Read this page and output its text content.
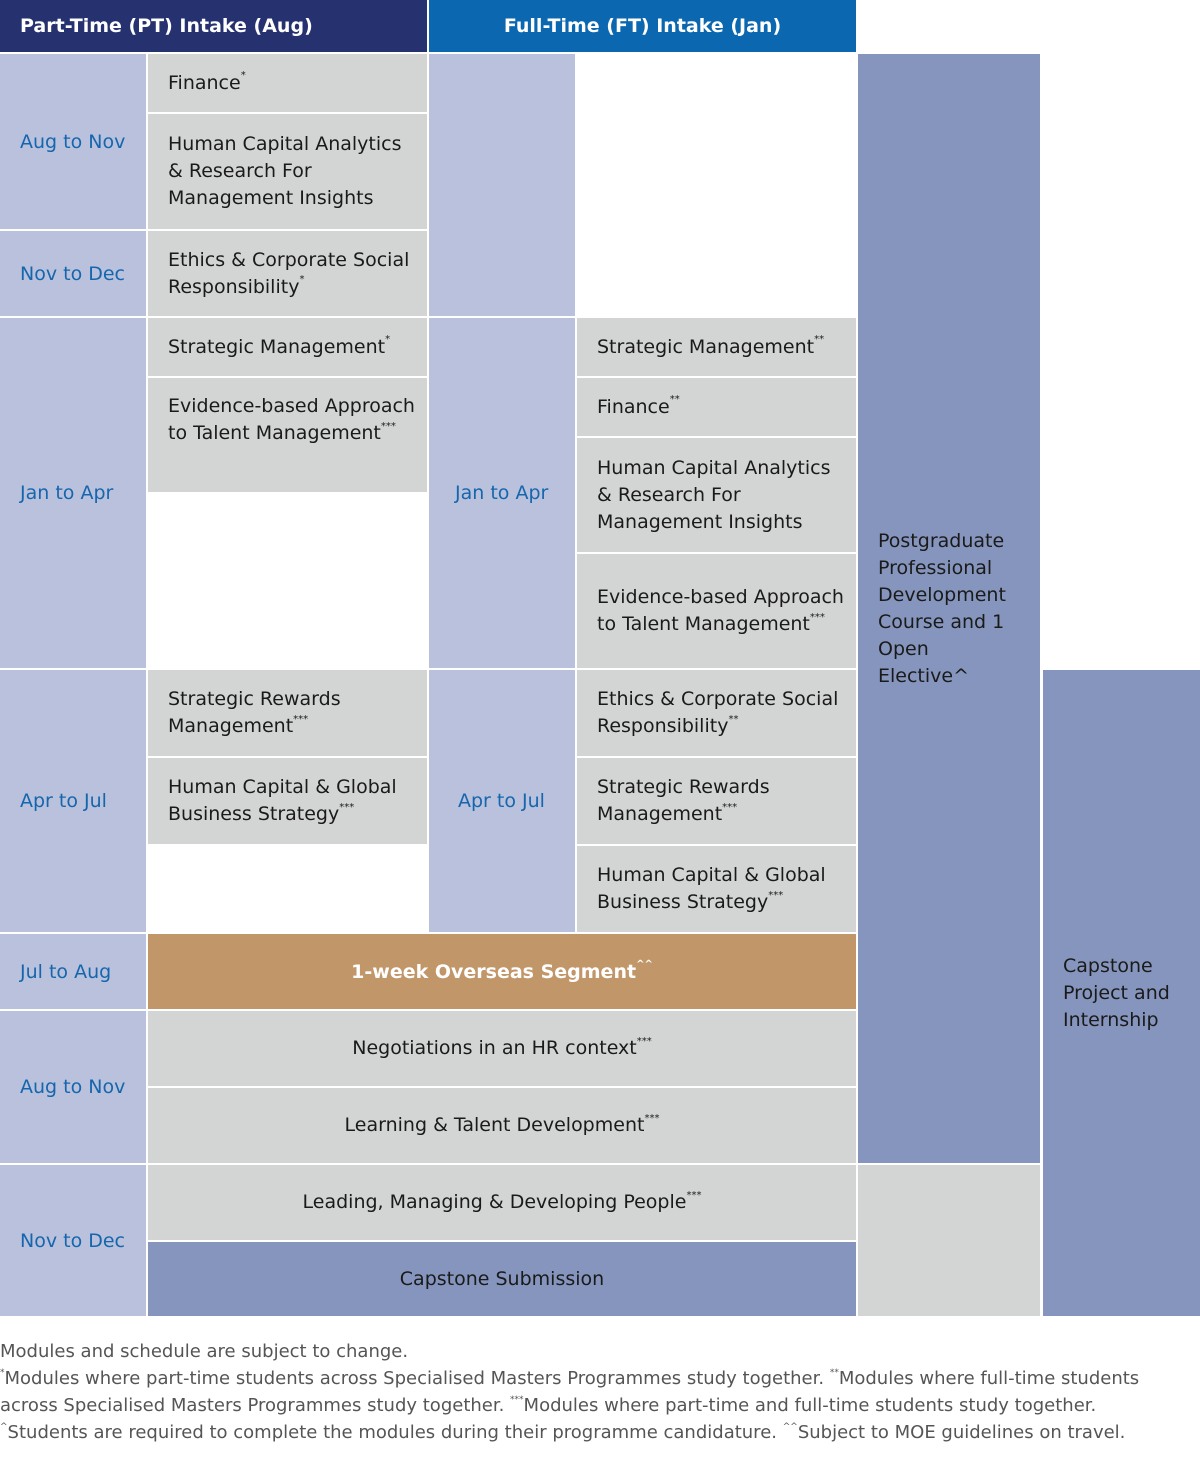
Part-Time (PT) Intake (Aug)	Full-Time (FT) Intake (Jan)
Aug to Nov
Nov to Dec
Jan to Apr
Apr to Jul
Jul to Aug
Aug to Nov
Nov to Dec
Finance*
Human Capital Analytics & Research For Management Insights
Ethics & Corporate Social Responsibility*
Strategic Management*
Evidence-based Approach to Talent Management***
Strategic Rewards Management***
Human Capital & Global Business Strategy***
Jan to Apr
Apr to Jul
Strategic Management**
Finance**
Human Capital Analytics & Research For Management Insights
Evidence-based Approach to Talent Management***
Ethics & Corporate Social Responsibility**
Strategic Rewards Management***
Human Capital & Global Business Strategy***
1-week Overseas Segment^^
Negotiations in an HR context***
Learning & Talent Development***
Leading, Managing & Developing People***
Capstone Submission
Postgraduate Professional Development Course and 1 Open Elective^
Capstone Project and Internship

Modules and schedule are subject to change.

*Modules where part-time students across Specialised Masters Programmes study together. **Modules where full-time students across Specialised Masters Programmes study together. ***Modules where part-time and full-time students study together.
^Students are required to complete the modules during their programme candidature. ^^Subject to MOE guidelines on travel.
